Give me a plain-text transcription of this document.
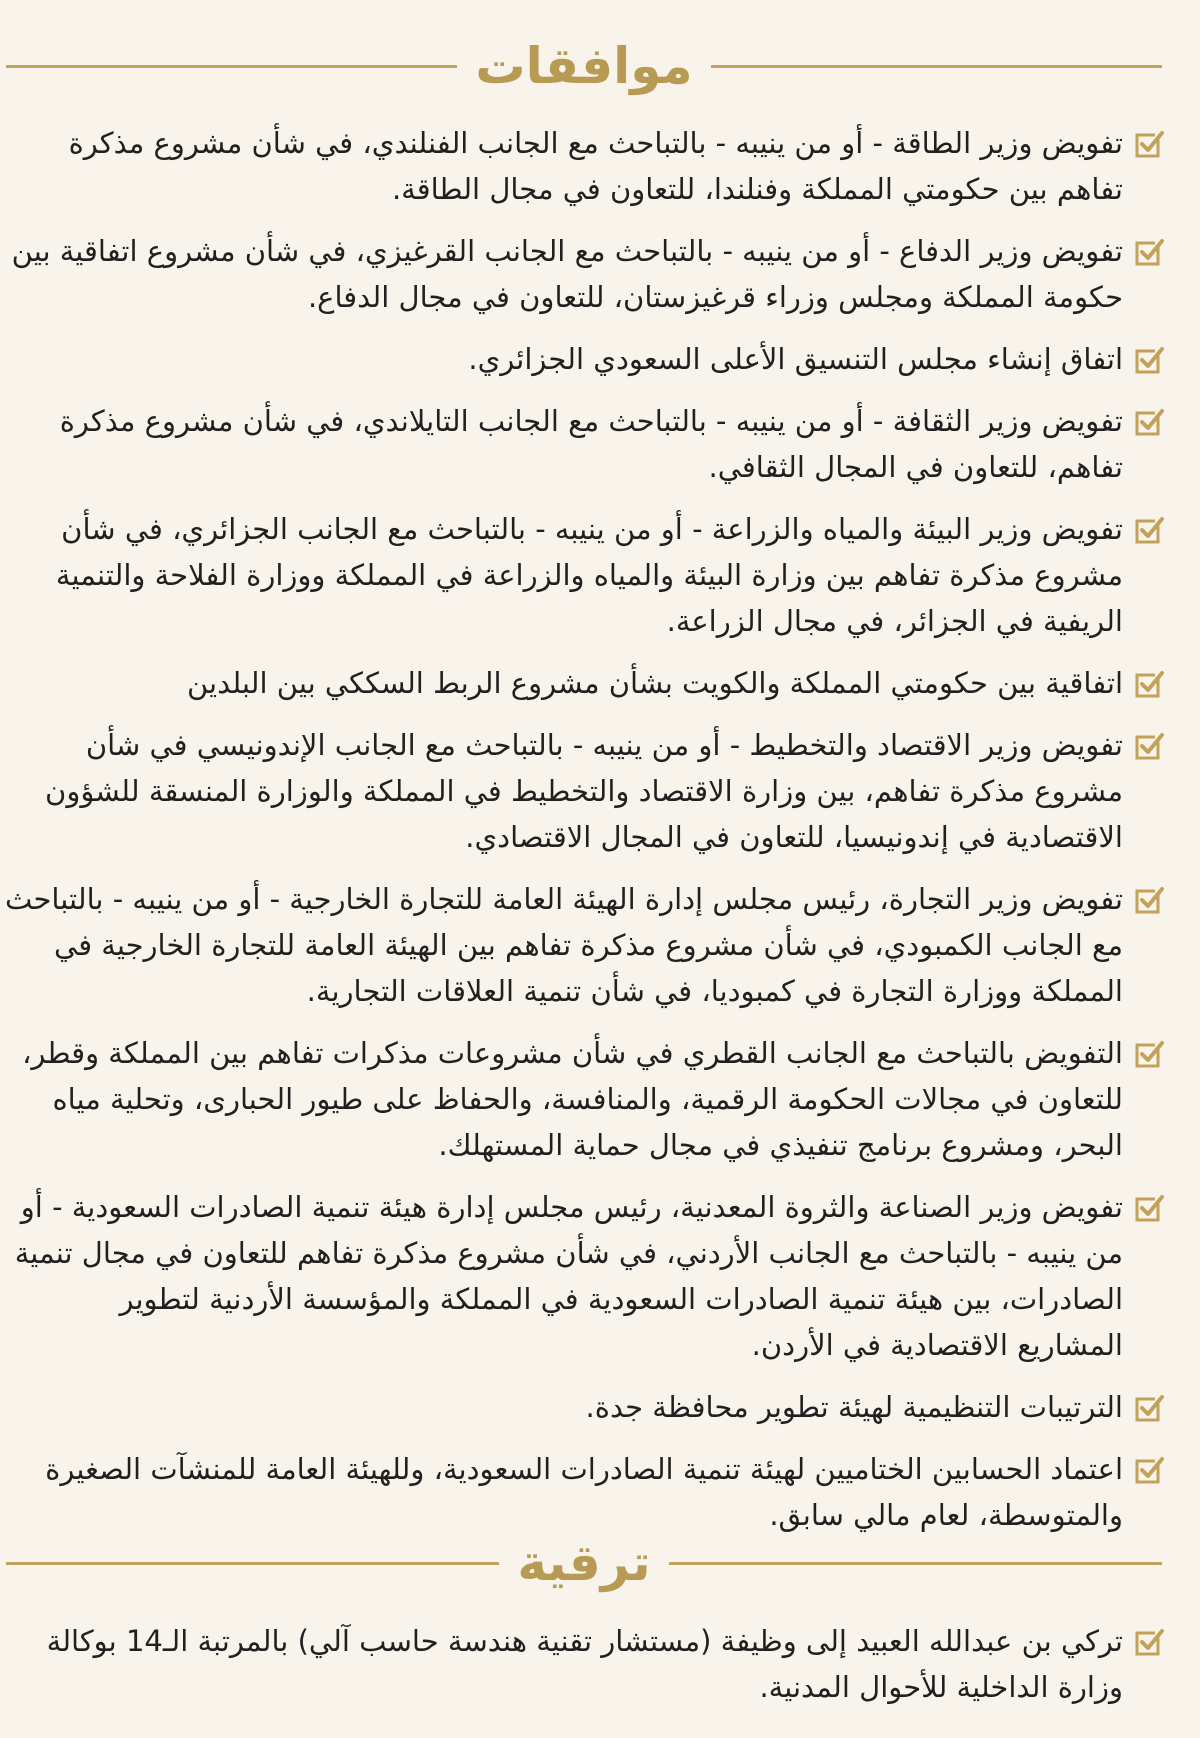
موافقات
تفويض وزير الطاقة - أو من ينيبه - بالتباحث مع الجانب الفنلندي، في شأن مشروع مذكرة تفاهم بين حكومتي المملكة وفنلندا، للتعاون في مجال الطاقة.
تفويض وزير الدفاع - أو من ينيبه - بالتباحث مع الجانب القرغيزي، في شأن مشروع اتفاقية بين حكومة المملكة ومجلس وزراء قرغيزستان، للتعاون في مجال الدفاع.
اتفاق إنشاء مجلس التنسيق الأعلى السعودي الجزائري.
تفويض وزير الثقافة - أو من ينيبه - بالتباحث مع الجانب التايلاندي، في شأن مشروع مذكرة تفاهم، للتعاون في المجال الثقافي.
تفويض وزير البيئة والمياه والزراعة - أو من ينيبه - بالتباحث مع الجانب الجزائري، في شأن مشروع مذكرة تفاهم بين وزارة البيئة والمياه والزراعة في المملكة ووزارة الفلاحة والتنمية الريفية في الجزائر، في مجال الزراعة.
اتفاقية بين حكومتي المملكة والكويت بشأن مشروع الربط السككي بين البلدين
تفويض وزير الاقتصاد والتخطيط - أو من ينيبه - بالتباحث مع الجانب الإندونيسي في شأن مشروع مذكرة تفاهم، بين وزارة الاقتصاد والتخطيط في المملكة والوزارة المنسقة للشؤون الاقتصادية في إندونيسيا، للتعاون في المجال الاقتصادي.
تفويض وزير التجارة، رئيس مجلس إدارة الهيئة العامة للتجارة الخارجية - أو من ينيبه - بالتباحث مع الجانب الكمبودي، في شأن مشروع مذكرة تفاهم بين الهيئة العامة للتجارة الخارجية في المملكة ووزارة التجارة في كمبوديا، في شأن تنمية العلاقات التجارية.
التفويض بالتباحث مع الجانب القطري في شأن مشروعات مذكرات تفاهم بين المملكة وقطر، للتعاون في مجالات الحكومة الرقمية، والمنافسة، والحفاظ على طيور الحبارى، وتحلية مياه البحر، ومشروع برنامج تنفيذي في مجال حماية المستهلك.
تفويض وزير الصناعة والثروة المعدنية، رئيس مجلس إدارة هيئة تنمية الصادرات السعودية - أو من ينيبه - بالتباحث مع الجانب الأردني، في شأن مشروع مذكرة تفاهم للتعاون في مجال تنمية الصادرات، بين هيئة تنمية الصادرات السعودية في المملكة والمؤسسة الأردنية لتطوير المشاريع الاقتصادية في الأردن.
الترتيبات التنظيمية لهيئة تطوير محافظة جدة.
اعتماد الحسابين الختاميين لهيئة تنمية الصادرات السعودية، وللهيئة العامة للمنشآت الصغيرة والمتوسطة، لعام مالي سابق.
ترقية
تركي بن عبدالله العبيد إلى وظيفة (مستشار تقنية هندسة حاسب آلي) بالمرتبة الـ14 بوكالة وزارة الداخلية للأحوال المدنية.
